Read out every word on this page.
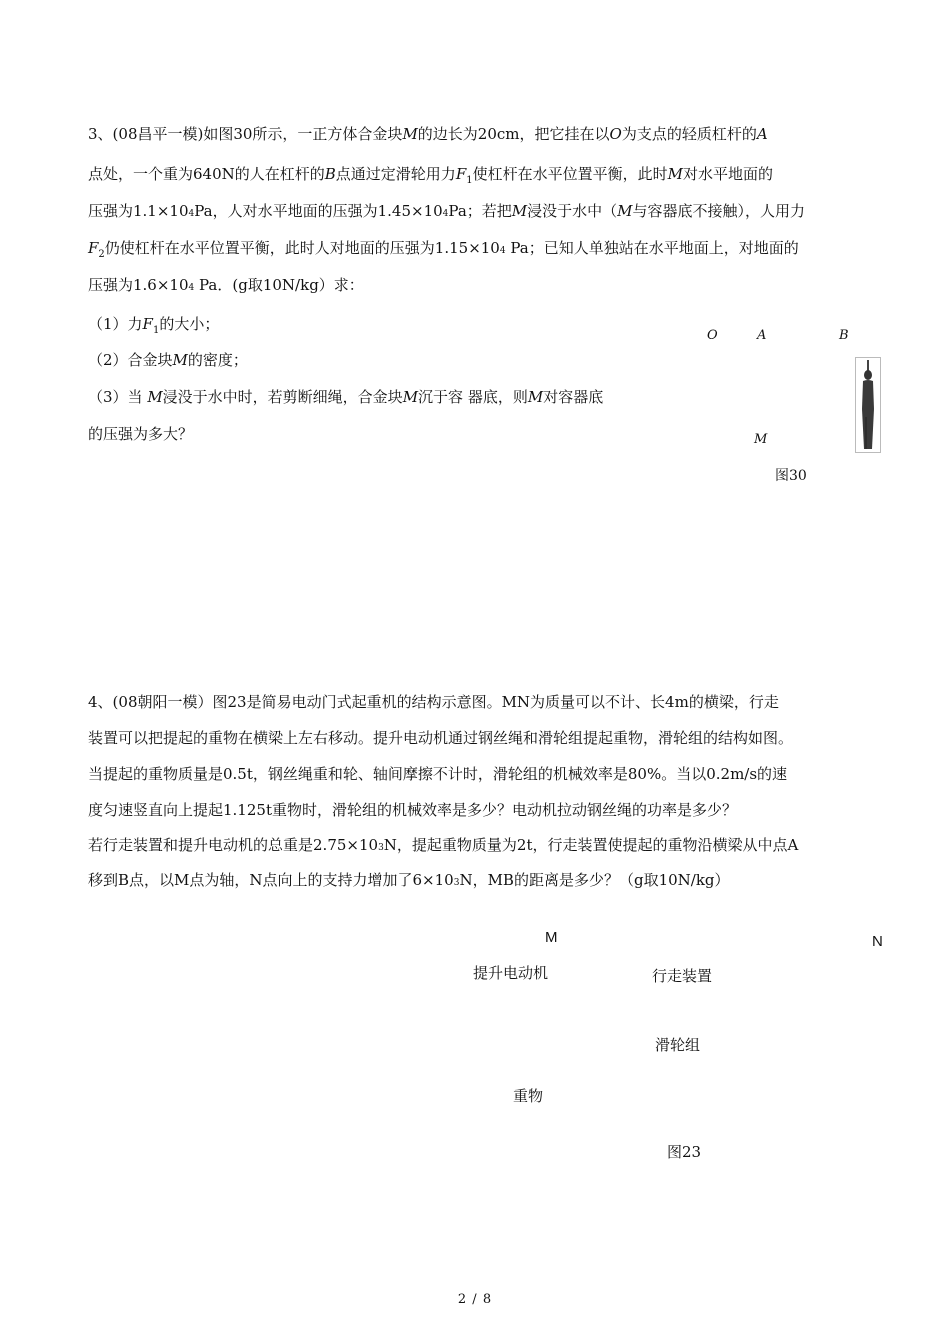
3、(08昌平一模)如图30所示，一正方体合金块M的边长为20cm，把它挂在以O为支点的轻质杠杆的A
点处，一个重为640N的人在杠杆的B点通过定滑轮用力$F_1$使杠杆在水平位置平衡，此时M对水平地面的
压强为1.1×104Pa，人对水平地面的压强为1.45×104Pa；若把M浸没于水中（M与容器底不接触），人用力
$F_2$仍使杠杆在水平位置平衡，此时人对地面的压强为1.15×104 Pa；已知人单独站在水平地面上，对地面的
压强为1.6×104 Pa．(g取10N/kg）求：
（1）力$F_1$的大小；
（2）合金块M的密度；
（3）当 M浸没于水中时，若剪断细绳，合金块M沉于容 器底，则M对容器底
的压强为多大？
O	A	B
M
图30
4、(08朝阳一模）图23是简易电动门式起重机的结构示意图。MN为质量可以不计、长4m的横梁，行走
装置可以把提起的重物在横梁上左右移动。提升电动机通过钢丝绳和滑轮组提起重物，滑轮组的结构如图。
当提起的重物质量是0.5t，钢丝绳重和轮、轴间摩擦不计时，滑轮组的机械效率是80%。当以0.2m/s的速
度匀速竖直向上提起1.125t重物时，滑轮组的机械效率是多少？电动机拉动钢丝绳的功率是多少？
若行走装置和提升电动机的总重是2.75×103N，提起重物质量为2t，行走装置使提起的重物沿横梁从中点A
移到B点，以M点为轴，N点向上的支持力增加了6×103N，MB的距离是多少？（g取10N/kg）
M	N
提升电动机	行走装置
滑轮组
重物
图23
2 / 8
